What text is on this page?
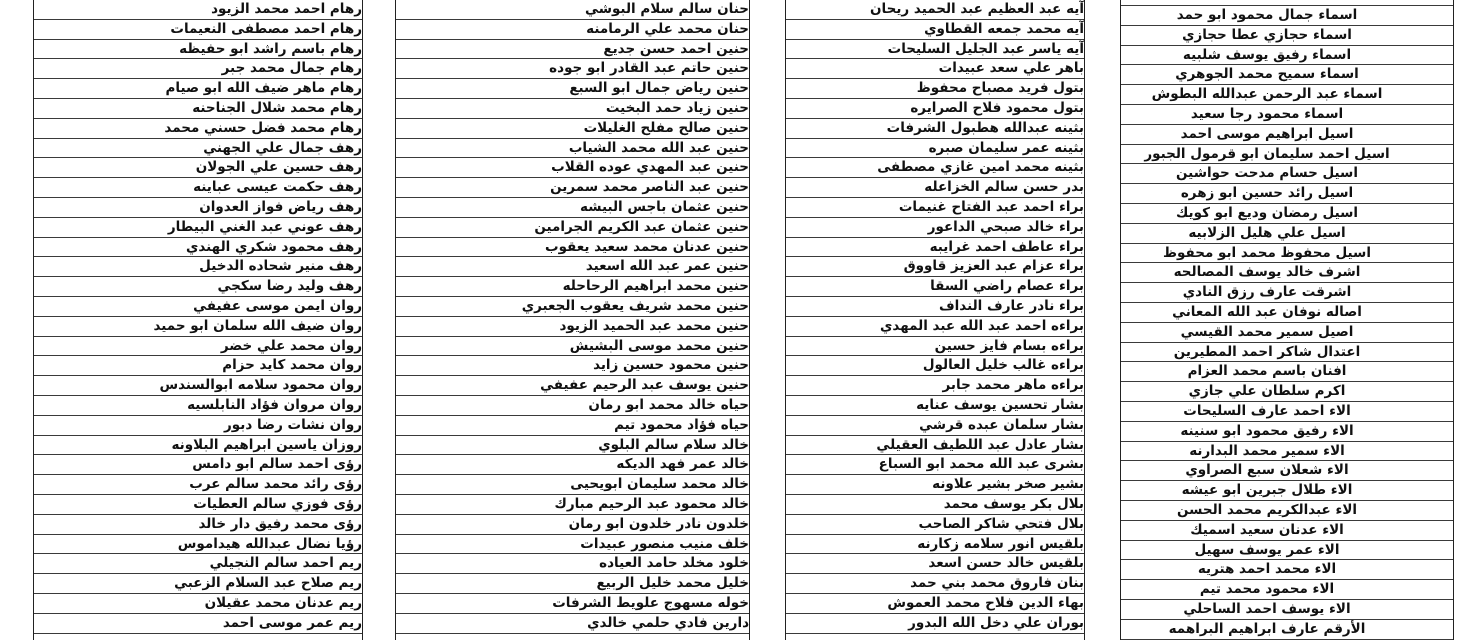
رهام احمد محمد الزيود
رهام احمد مصطفى النعيمات
رهام باسم راشد ابو حفيظه
رهام جمال محمد جبر
رهام ماهر ضيف الله ابو صيام
رهام محمد شلال الجناحنه
رهام محمد فضل حسني محمد
رهف جمال علي الجهني
رهف حسين علي الجولان
رهف حكمت عيسى عباينه
رهف رياض فواز العدوان
رهف عوني عبد الغني البيطار
رهف محمود شكري الهندي
رهف منير شحاده الدخيل
رهف وليد رضا سكجي
روان ايمن موسى عفيفي
روان ضيف الله سلمان ابو حميد
روان محمد علي خضر
روان محمد كايد حزام
روان محمود سلامه ابوالسندس
روان مروان فؤاد النابلسيه
روان نشات رضا دبور
روزان ياسين ابراهيم البلاونه
رؤى احمد سالم ابو دامس
رؤى رائد محمد سالم عرب
رؤى فوزي سالم العطيات
رؤى محمد رفيق دار خالد
رؤيا نضال عبدالله هيداموس
ريم احمد سالم النجيلي
ريم صلاح عبد السلام الزعبي
ريم عدنان محمد عقيلان
ريم عمر موسى احمد
حنان سالم سلام البوشي
حنان محمد علي الرمامنه
حنين احمد حسن جديع
حنين حاتم عبد القادر ابو جوده
حنين رياض جمال ابو السبع
حنين زياد حمد البخيت
حنين صالح مفلح الغليلات
حنين عبد الله محمد الشياب
حنين عبد المهدي عوده القلاب
حنين عبد الناصر محمد سمرين
حنين عثمان باجس البيشه
حنين عثمان عبد الكريم الجرامين
حنين عدنان محمد سعيد يعقوب
حنين عمر عبد الله اسعيد
حنين محمد ابراهيم الرحاحله
حنين محمد شريف يعقوب الجعبري
حنين محمد عبد الحميد الزيود
حنين محمد موسى البشيش
حنين محمود حسين زايد
حنين يوسف عبد الرحيم عفيفي
حياه خالد محمد ابو رمان
حياه فؤاد محمود تيم
خالد سلام سالم البلوي
خالد عمر فهد الديكه
خالد محمد سليمان ابويحيى
خالد محمود عبد الرحيم مبارك
خلدون نادر خلدون ابو رمان
خلف منيب منصور عبيدات
خلود مخلد حامد العياده
خليل محمد خليل الربيع
خوله مسهوج علويط الشرفات
دارين فادي حلمي خالدي
آيه عبد العظيم عبد الحميد ريحان
آيه محمد جمعه القطاوي
آيه ياسر عبد الجليل السليحات
باهر علي سعد عبيدات
بتول فريد مصباح محفوظ
بتول محمود فلاح الصرايره
بثينه عبدالله هطبول الشرفات
بثينه عمر سليمان صبره
بثينه محمد امين غازي مصطفى
بدر حسن سالم الخزاعله
براء احمد عبد الفتاح غنيمات
براء خالد صبحي الداعور
براء عاطف احمد غرايبه
براء عزام عبد العزيز قاووق
براء عصام راضي السقا
براء نادر عارف النداف
براءه احمد عبد الله عبد المهدي
براءه بسام فايز حسين
براءه غالب خليل العالول
براءه ماهر محمد جابر
بشار تحسين يوسف عنايه
بشار سلمان عبده قرشي
بشار عادل عبد اللطيف العقيلي
بشرى عبد الله محمد ابو السباع
بشير صخر بشير علاونه
بلال بكر يوسف محمد
بلال فتحي شاكر الصاحب
بلقيس انور سلامه زكارنه
بلقيس خالد حسن اسعد
بنان فاروق محمد بني حمد
بهاء الدين فلاح محمد العموش
بوران علي دخل الله البدور
اسماء جمال محمود ابو حمد
اسماء حجازي عطا حجازي
اسماء رفيق يوسف شلبيه
اسماء سميح محمد الجوهري
اسماء عبد الرحمن عبدالله البطوش
اسماء محمود رجا سعيد
اسيل ابراهيم موسى احمد
اسيل احمد سليمان ابو قرمول الجبور
اسيل حسام مدحت حواشين
اسيل رائد حسين ابو زهره
اسيل رمضان وديع ابو كويك
اسيل علي هليل الزلابيه
اسيل محفوظ محمد ابو محفوظ
اشرف خالد يوسف المصالحه
اشرقت عارف رزق النادي
اصاله نوفان عبد الله المعاني
اصيل سمير محمد القيسي
اعتدال شاكر احمد المطيرين
افنان باسم محمد العزام
اكرم سلطان علي جازي
الاء احمد عارف السليحات
الاء رفيق محمود ابو سنينه
الاء سمير محمد البدارنه
الاء شعلان سبع الصراوي
الاء طلال جبرين ابو عيشه
الاء عبدالكريم محمد الحسن
الاء عدنان سعيد اسميك
الاء عمر يوسف سهيل
الاء محمد احمد هتريه
الاء محمود محمد تيم
الاء يوسف احمد الساحلي
الأرقم عارف ابراهيم البراهمه
